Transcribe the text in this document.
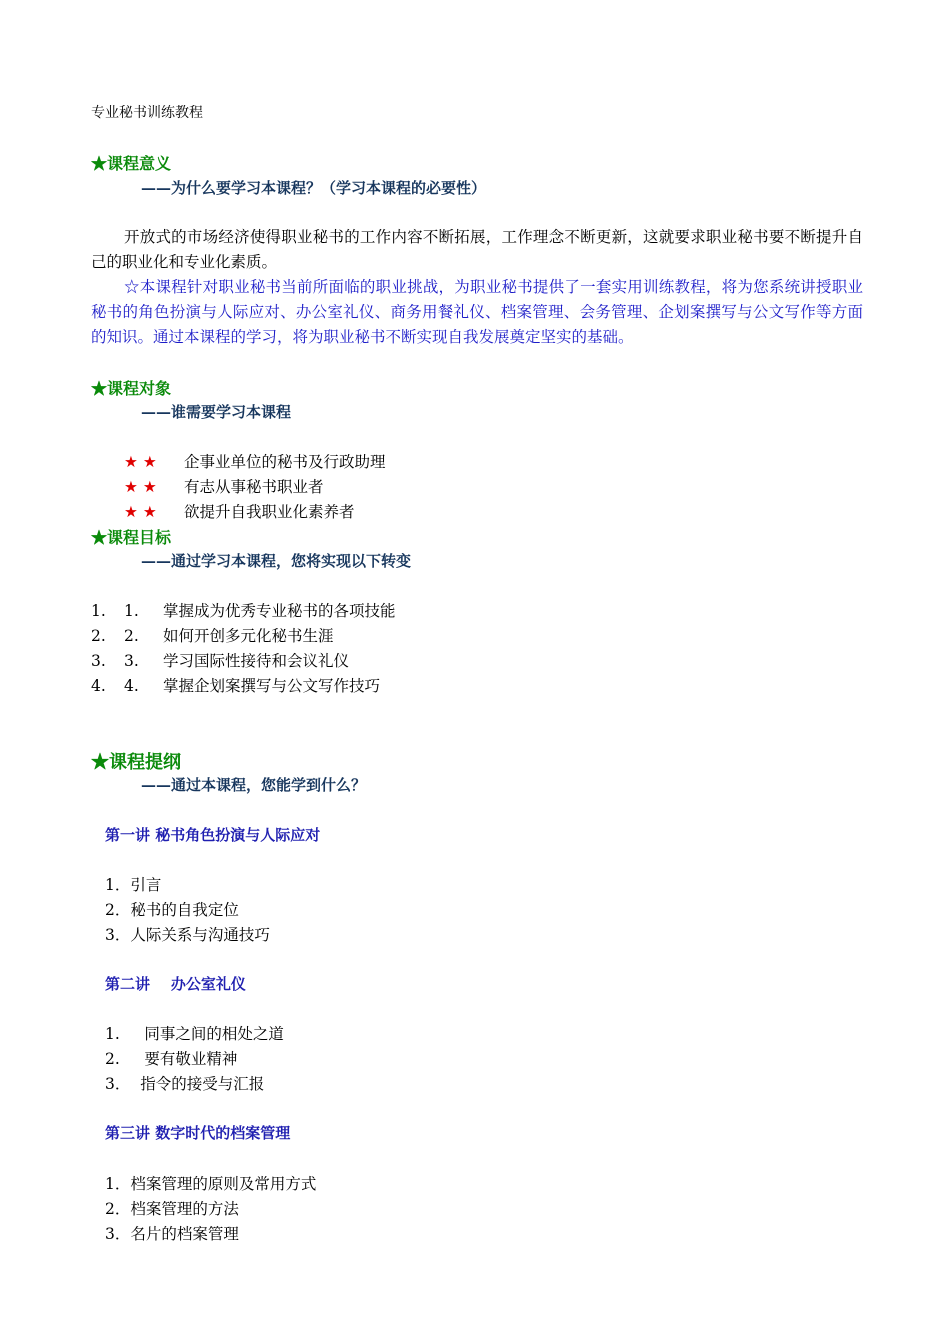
专业秘书训练教程
★课程意义
——为什么要学习本课程？（学习本课程的必要性）
开放式的市场经济使得职业秘书的工作内容不断拓展，工作理念不断更新，这就要求职业秘书要不断提升自己的职业化和专业化素质。
☆本课程针对职业秘书当前所面临的职业挑战，为职业秘书提供了一套实用训练教程，将为您系统讲授职业秘书的角色扮演与人际应对、办公室礼仪、商务用餐礼仪、档案管理、会务管理、企划案撰写与公文写作等方面的知识。通过本课程的学习，将为职业秘书不断实现自我发展奠定坚实的基础。
★课程对象
——谁需要学习本课程
★ ★ 企事业单位的秘书及行政助理
★ ★ 有志从事秘书职业者
★ ★ 欲提升自我职业化素养者
★课程目标
——通过学习本课程，您将实现以下转变
1. 1. 掌握成为优秀专业秘书的各项技能
2. 2. 如何开创多元化秘书生涯
3. 3. 学习国际性接待和会议礼仪
4. 4. 掌握企划案撰写与公文写作技巧
★课程提纲
——通过本课程，您能学到什么？
第一讲 秘书角色扮演与人际应对
1．引言
2．秘书的自我定位
3．人际关系与沟通技巧
第二讲    办公室礼仪
1.     同事之间的相处之道
2.     要有敬业精神
3．  指令的接受与汇报
第三讲 数字时代的档案管理
1．档案管理的原则及常用方式
2．档案管理的方法
3．名片的档案管理
